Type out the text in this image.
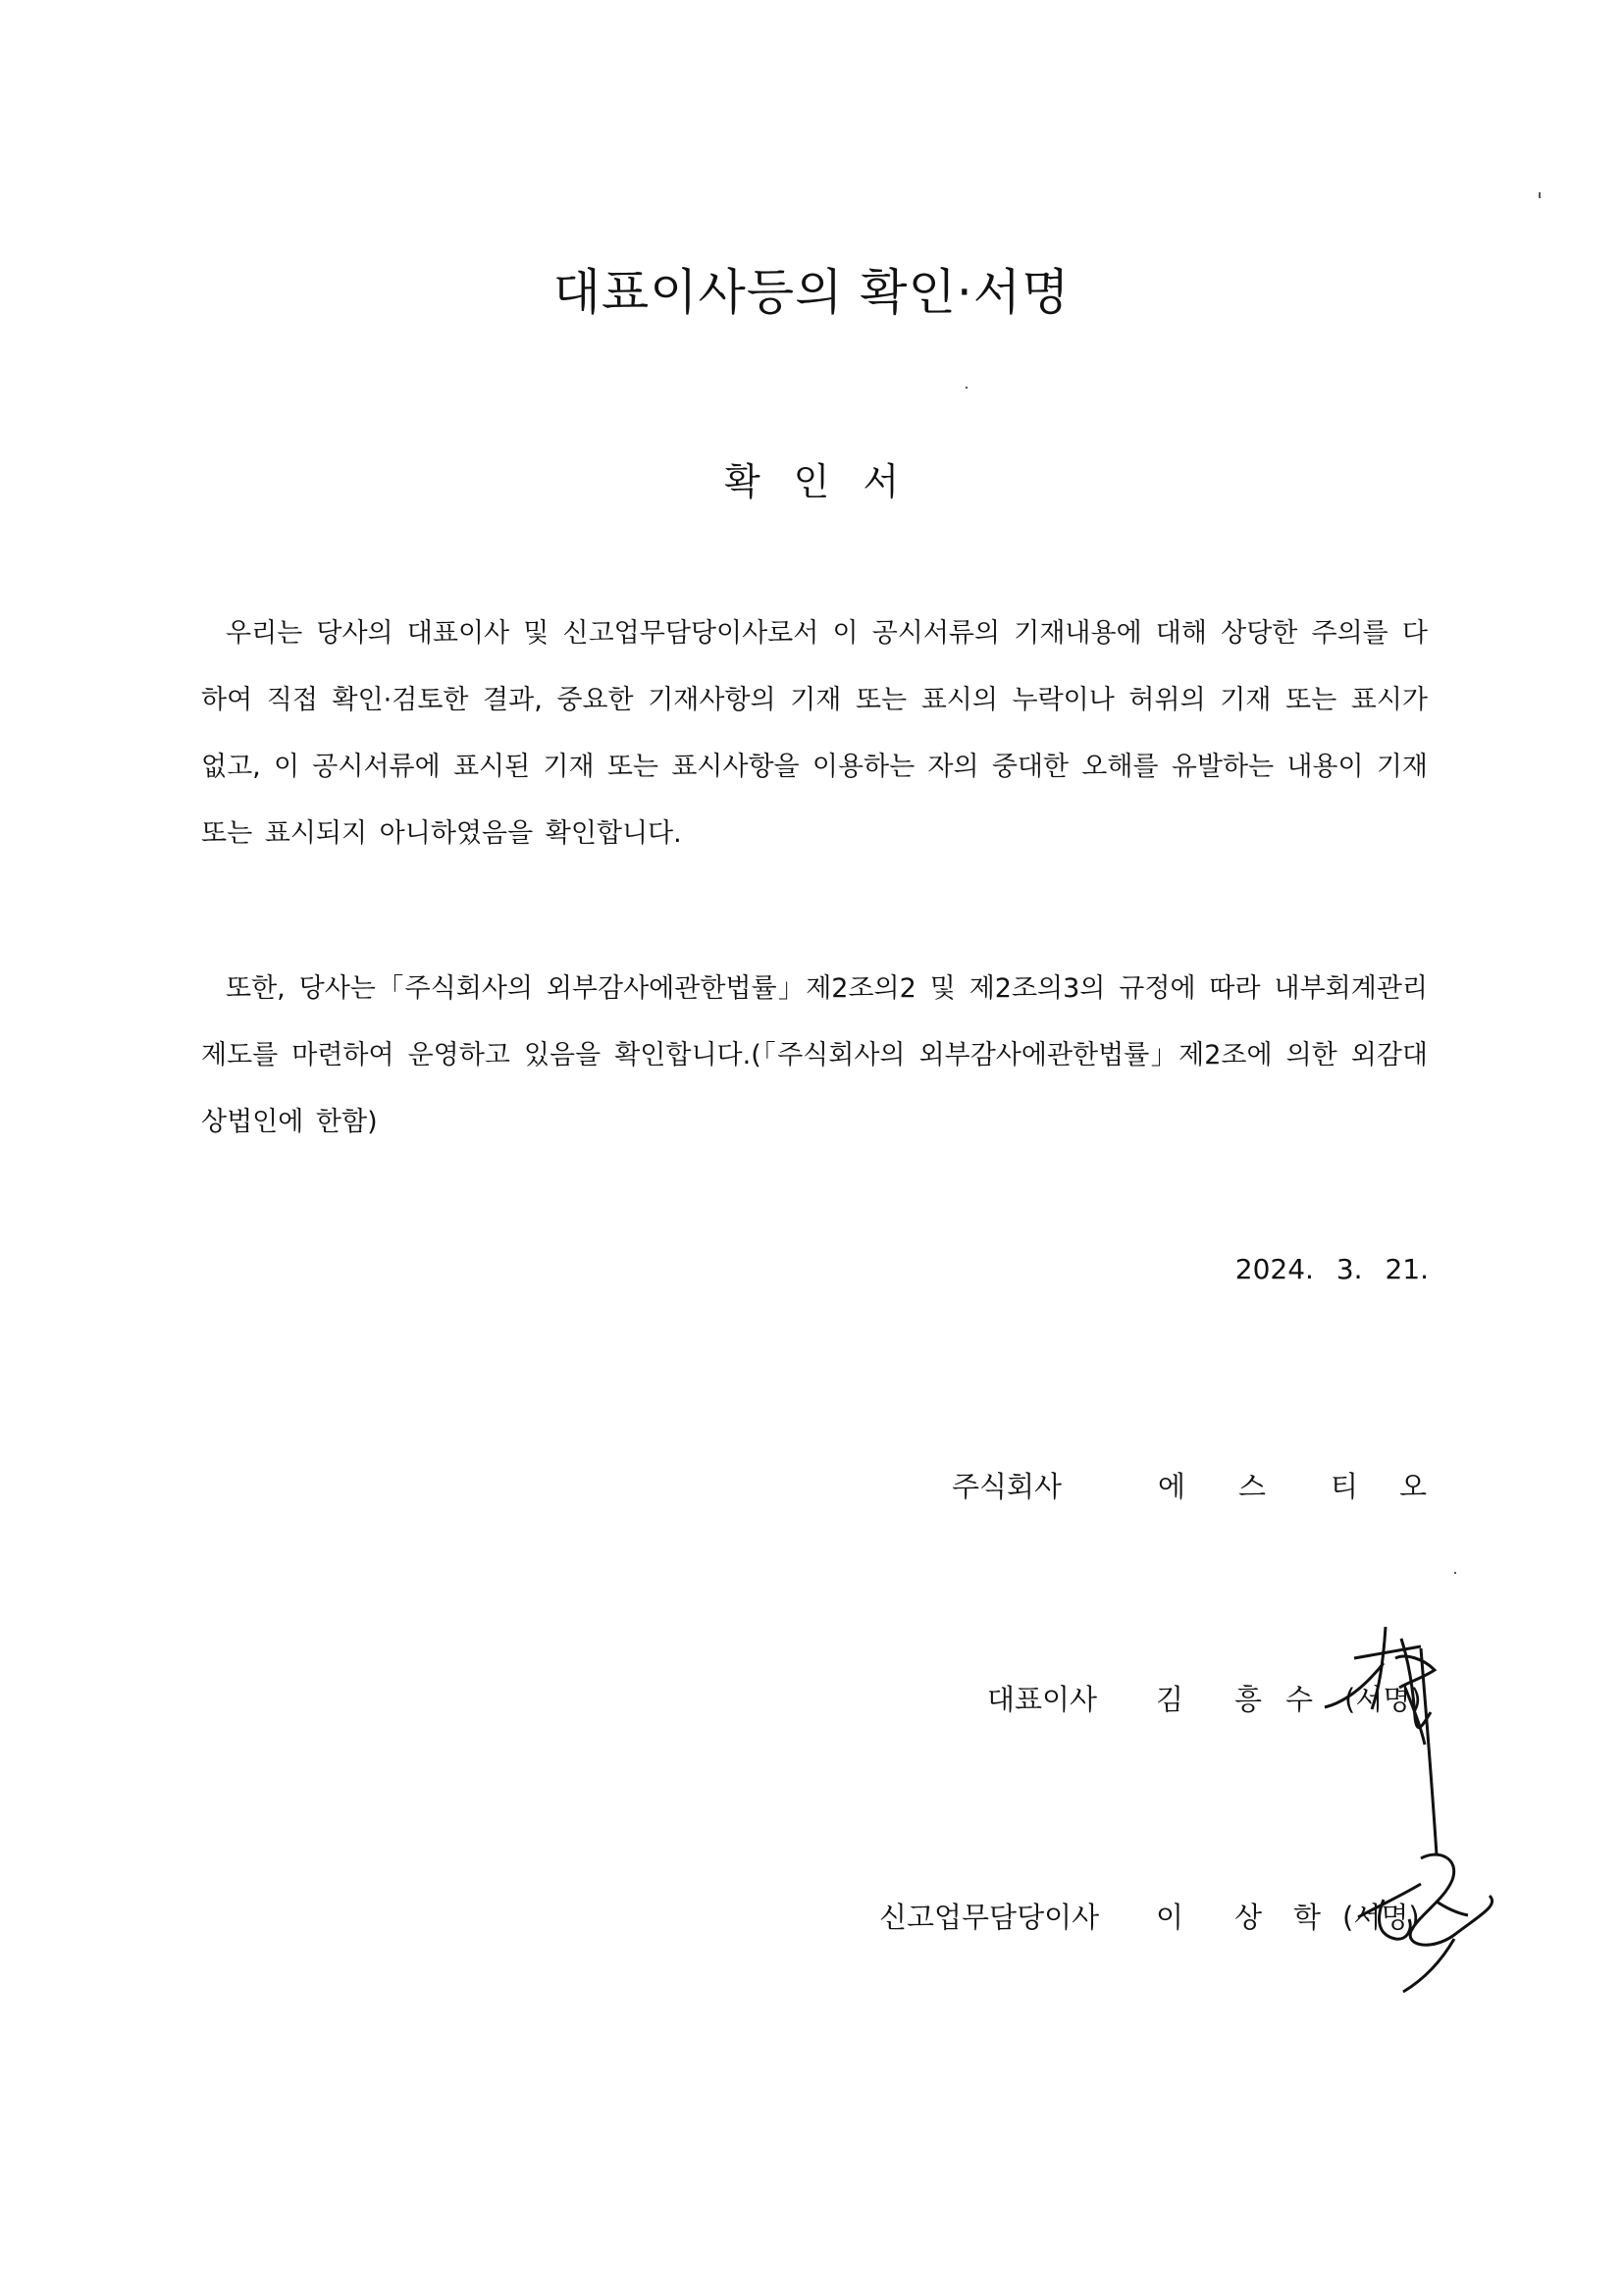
대표이사등의 확인·서명
확인서

우리는 당사의 대표이사 및 신고업무담당이사로서 이 공시서류의 기재내용에 대해 상당한 주의를 다하여 직접 확인·검토한 결과, 중요한 기재사항의 기재 또는 표시의 누락이나 허위의 기재 또는 표시가 없고, 이 공시서류에 표시된 기재 또는 표시사항을 이용하는 자의 중대한 오해를 유발하는 내용이 기재 또는 표시되지 아니하였음을 확인합니다.

또한, 당사는「주식회사의 외부감사에관한법률」제2조의2 및 제2조의3의 규정에 따라 내부회계관리제도를 마련하여 운영하고 있음을 확인합니다.(「주식회사의 외부감사에관한법률」제2조에 의한 외감대상법인에 한함)

2024. 3. 21.
주식회사	에 스 티 오
대표이사 김 흥 수 (서명)
신고업무담당이사 이 상 학 (서명)
